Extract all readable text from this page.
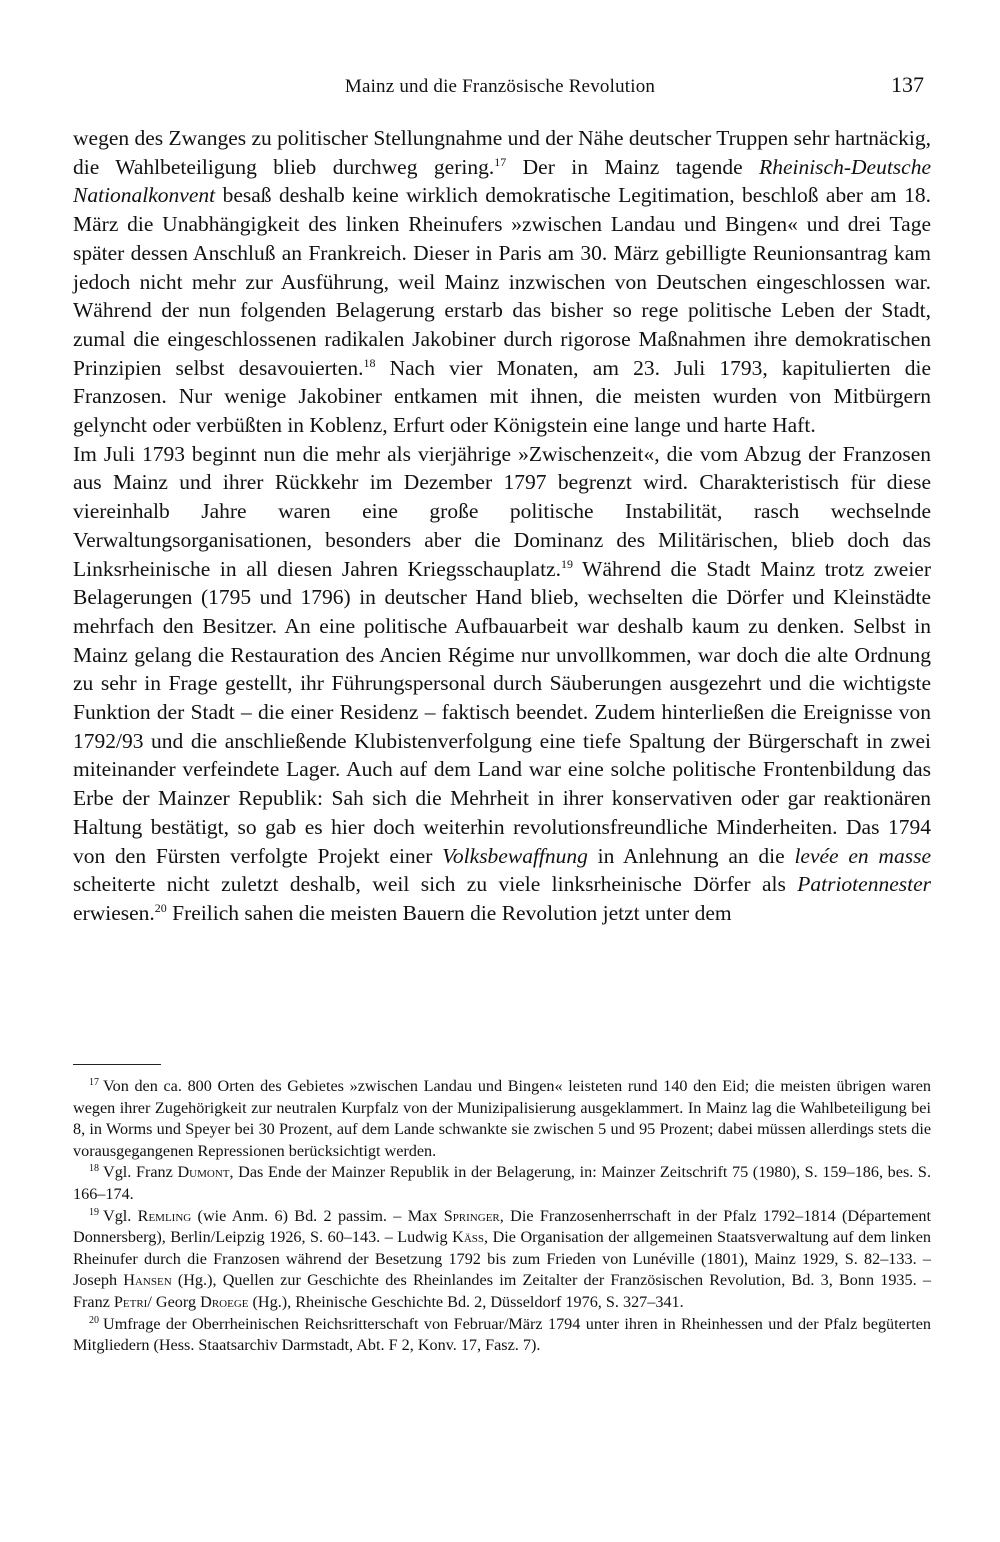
Mainz und die Französische Revolution	137

wegen des Zwanges zu politischer Stellungnahme und der Nähe deutscher Truppen sehr hartnäckig, die Wahlbeteiligung blieb durchweg gering.$^{17}$ Der in Mainz tagende Rheinisch-Deutsche Nationalkonvent besaß deshalb keine wirklich demokratische Legitimation, beschloß aber am 18. März die Unabhängigkeit des linken Rheinufers »zwischen Landau und Bingen« und drei Tage später dessen Anschluß an Frankreich. Dieser in Paris am 30. März gebilligte Reunionsantrag kam jedoch nicht mehr zur Ausführung, weil Mainz inzwischen von Deutschen eingeschlossen war. Während der nun folgenden Belagerung erstarb das bisher so rege politische Leben der Stadt, zumal die eingeschlossenen radikalen Jakobiner durch rigorose Maßnahmen ihre demokratischen Prinzipien selbst desavouierten.$^{18}$ Nach vier Monaten, am 23. Juli 1793, kapitulierten die Franzosen. Nur wenige Jakobiner entkamen mit ihnen, die meisten wurden von Mitbürgern gelyncht oder verbüßten in Koblenz, Erfurt oder Königstein eine lange und harte Haft.

Im Juli 1793 beginnt nun die mehr als vierjährige »Zwischenzeit«, die vom Abzug der Franzosen aus Mainz und ihrer Rückkehr im Dezember 1797 begrenzt wird. Charakteristisch für diese viereinhalb Jahre waren eine große politische Instabilität, rasch wechselnde Verwaltungsorganisationen, besonders aber die Dominanz des Militärischen, blieb doch das Linksrheinische in all diesen Jahren Kriegsschauplatz.$^{19}$ Während die Stadt Mainz trotz zweier Belagerungen (1795 und 1796) in deutscher Hand blieb, wechselten die Dörfer und Kleinstädte mehrfach den Besitzer. An eine politische Aufbauarbeit war deshalb kaum zu denken. Selbst in Mainz gelang die Restauration des Ancien Régime nur unvollkommen, war doch die alte Ordnung zu sehr in Frage gestellt, ihr Führungspersonal durch Säuberungen ausgezehrt und die wichtigste Funktion der Stadt – die einer Residenz – faktisch beendet. Zudem hinterließen die Ereignisse von 1792/93 und die anschließende Klubistenverfolgung eine tiefe Spaltung der Bürgerschaft in zwei miteinander verfeindete Lager. Auch auf dem Land war eine solche politische Frontenbildung das Erbe der Mainzer Republik: Sah sich die Mehrheit in ihrer konservativen oder gar reaktionären Haltung bestätigt, so gab es hier doch weiterhin revolutionsfreundliche Minderheiten. Das 1794 von den Fürsten verfolgte Projekt einer Volksbewaffnung in Anlehnung an die levée en masse scheiterte nicht zuletzt deshalb, weil sich zu viele linksrheinische Dörfer als Patriotennester erwiesen.$^{20}$ Freilich sahen die meisten Bauern die Revolution jetzt unter dem

$^{17}$ Von den ca. 800 Orten des Gebietes »zwischen Landau und Bingen« leisteten rund 140 den Eid; die meisten übrigen waren wegen ihrer Zugehörigkeit zur neutralen Kurpfalz von der Munizipalisierung ausgeklammert. In Mainz lag die Wahlbeteiligung bei 8, in Worms und Speyer bei 30 Prozent, auf dem Lande schwankte sie zwischen 5 und 95 Prozent; dabei müssen allerdings stets die vorausgegangenen Repressionen berücksichtigt werden.

$^{18}$ Vgl. Franz Dumont, Das Ende der Mainzer Republik in der Belagerung, in: Mainzer Zeitschrift 75 (1980), S. 159–186, bes. S. 166–174.

$^{19}$ Vgl. Remling (wie Anm. 6) Bd. 2 passim. – Max Springer, Die Franzosenherrschaft in der Pfalz 1792–1814 (Département Donnersberg), Berlin/Leipzig 1926, S. 60–143. – Ludwig Käss, Die Organisation der allgemeinen Staatsverwaltung auf dem linken Rheinufer durch die Franzosen während der Besetzung 1792 bis zum Frieden von Lunéville (1801), Mainz 1929, S. 82–133. – Joseph Hansen (Hg.), Quellen zur Geschichte des Rheinlandes im Zeitalter der Französischen Revolution, Bd. 3, Bonn 1935. – Franz Petri/ Georg Droege (Hg.), Rheinische Geschichte Bd. 2, Düsseldorf 1976, S. 327–341.

$^{20}$ Umfrage der Oberrheinischen Reichsritterschaft von Februar/März 1794 unter ihren in Rheinhessen und der Pfalz begüterten Mitgliedern (Hess. Staatsarchiv Darmstadt, Abt. F 2, Konv. 17, Fasz. 7).
